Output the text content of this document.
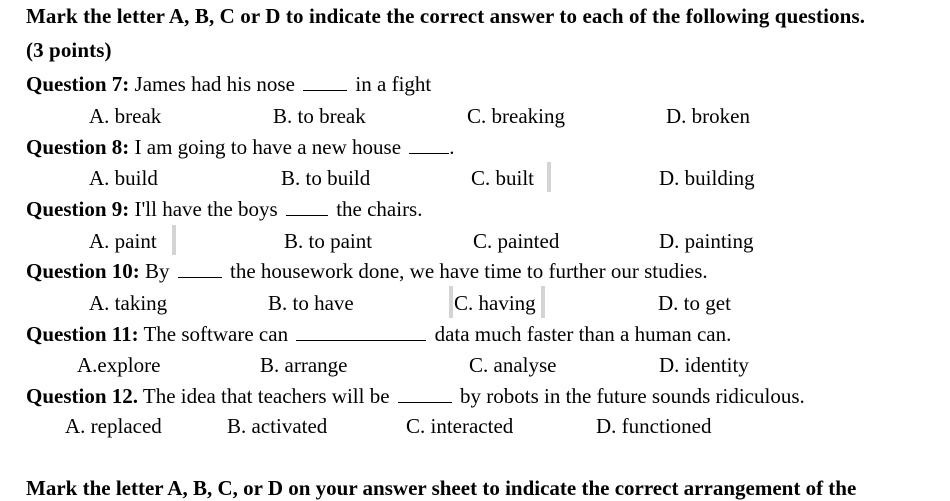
Mark the letter A, B, C or D to indicate the correct answer to each of the following questions.
(3 points)
Question 7: James had his nose	in a fight
A. break	B. to break	C. breaking	D. broken
Question 8: I am going to have a new house .
A. build	B. to build	C. built	D. building
Question 9: I'll have the boys	the chairs.
A. paint	B. to paint	C. painted	D. painting
Question 10: By	the housework done, we have time to further our studies.
A. taking	B. to have	C. having	D. to get
Question 11: The software can	data much faster than a human can.
A.explore	B. arrange	C. analyse	D. identity
Question 12. The idea that teachers will be	by robots in the future sounds ridiculous.
A. replaced	B. activated	C. interacted	D. functioned
Mark the letter A, B, C, or D on your answer sheet to indicate the correct arrangement of the
